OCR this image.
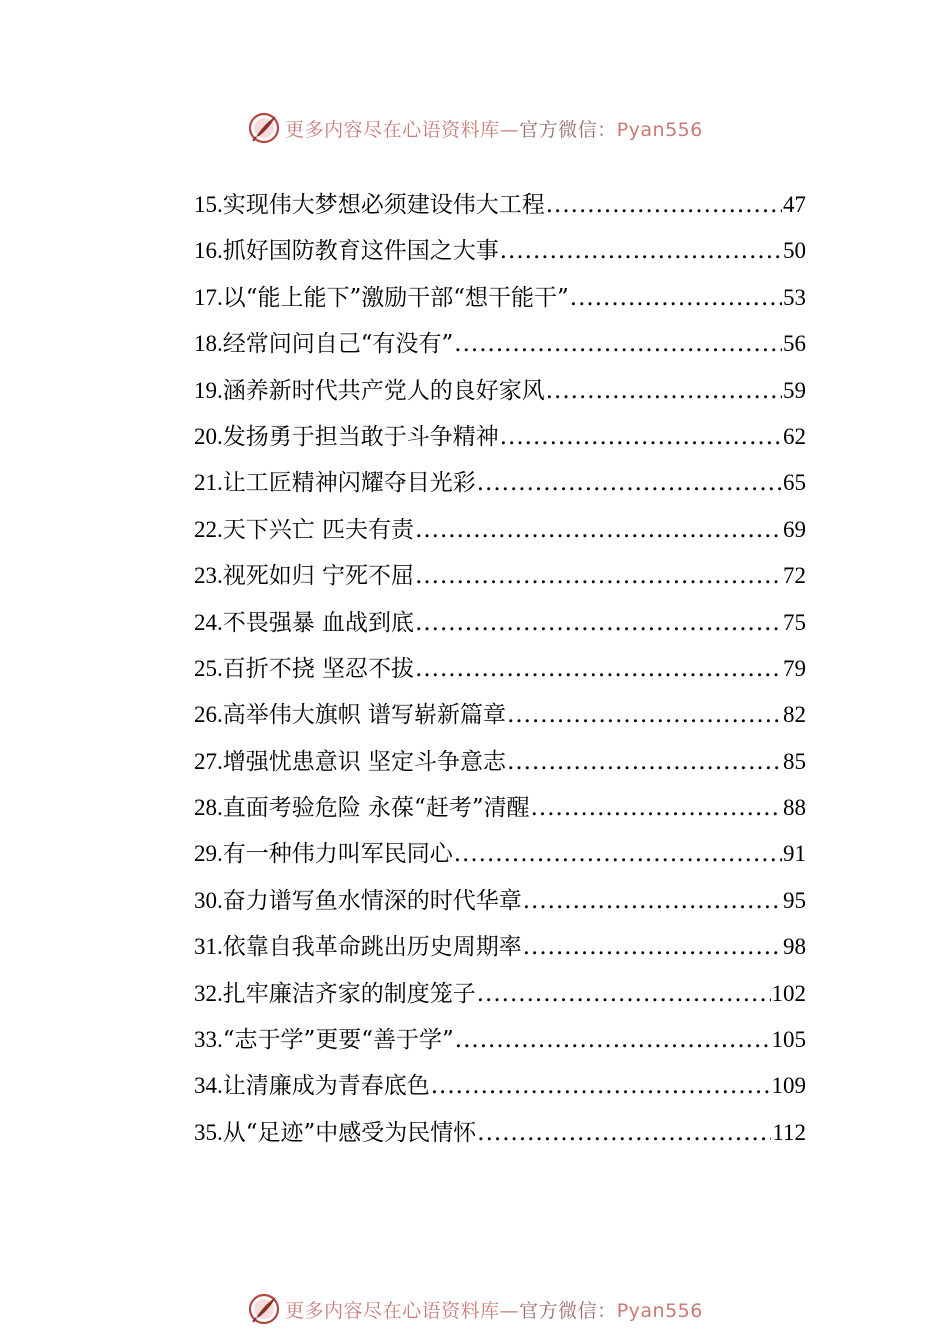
更多内容尽在心语资料库—官方微信：Pyan556
15.实现伟大梦想必须建设伟大工程 .....	47
16.抓好国防教育这件国之大事 .....	50
17.以“能上能下”激励干部“想干能干” .....	53
18.经常问问自己“有没有” .....	56
19.涵养新时代共产党人的良好家风 .....	59
20.发扬勇于担当敢于斗争精神 .....	62
21.让工匠精神闪耀夺目光彩 .....	65
22.天下兴亡 匹夫有责 .....	69
23.视死如归 宁死不屈 .....	72
24.不畏强暴 血战到底 .....	75
25.百折不挠 坚忍不拔 .....	79
26.高举伟大旗帜 谱写崭新篇章 .....	82
27.增强忧患意识 坚定斗争意志 .....	85
28.直面考验危险 永葆“赶考”清醒 .....	88
29.有一种伟力叫军民同心 .....	91
30.奋力谱写鱼水情深的时代华章 .....	95
31.依靠自我革命跳出历史周期率 .....	98
32.扎牢廉洁齐家的制度笼子 .....	102
33.“志于学”更要“善于学” .....	105
34.让清廉成为青春底色 .....	109
35.从“足迹”中感受为民情怀 .....	112
更多内容尽在心语资料库—官方微信：Pyan556
